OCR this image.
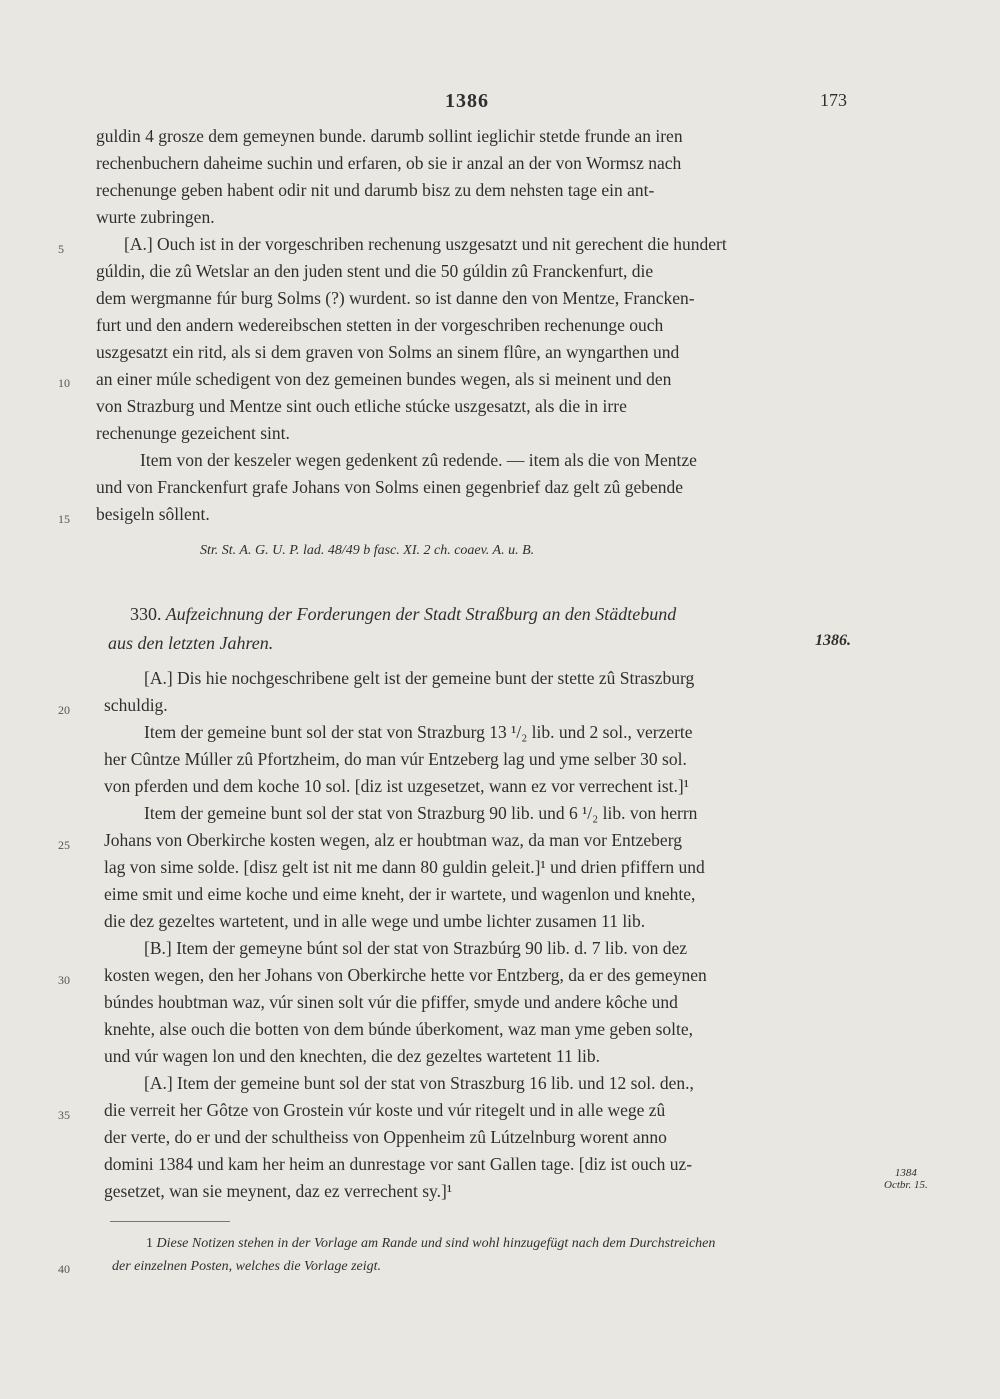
1386	173
guldin 4 grosze dem gemeynen bunde. darumb sollint ieglichir stetde frunde an iren
rechenbuchern daheime suchin und erfaren, ob sie ir anzal an der von Wormsz nach
rechenunge geben habent odir nit und darumb bisz zu dem nehsten tage ein ant-
wurte zubringen.
5	[A.] Ouch ist in der vorgeschriben rechenung uszgesatzt und nit gerechent die hundert
gúldin, die zû Wetslar an den juden stent und die 50 gúldin zû Franckenfurt, die
dem wergmanne fúr burg Solms (?) wurdent. so ist danne den von Mentze, Francken-
furt und den andern wedereibschen stetten in der vorgeschriben rechenunge ouch
uszgesatzt ein ritd, als si dem graven von Solms an sinem flûre, an wyngarthen und
10 an einer múle schedigent von dez gemeinen bundes wegen, als si meinent und den
von Strazburg und Mentze sint ouch etliche stúcke uszgesatzt, als die in irre
rechenunge gezeichent sint.
Item von der keszeler wegen gedenkent zû redende. — item als die von Mentze
und von Franckenfurt grafe Johans von Solms einen gegenbrief daz gelt zû gebende
15 besigeln sôllent.
Str. St. A. G. U. P. lad. 48/49 b fasc. XI. 2 ch. coaev. A. u. B.
330. Aufzeichnung der Forderungen der Stadt Straßburg an den Städtebund
aus den letzten Jahren.	1386.
[A.] Dis hie nochgeschribene gelt ist der gemeine bunt der stette zû Straszburg
20 schuldig.
Item der gemeine bunt sol der stat von Strazburg 13 ¹/₂ lib. und 2 sol., verzerte
her Cûntze Múller zû Pfortzheim, do man vúr Entzeberg lag und yme selber 30 sol.
von pferden und dem koche 10 sol. [diz ist uzgesetzet, wann ez vor verrechent ist.]¹
Item der gemeine bunt sol der stat von Strazburg 90 lib. und 6 ¹/₂ lib. von herrn
25 Johans von Oberkirche kosten wegen, alz er houbtman waz, da man vor Entzeberg
lag von sime solde. [disz gelt ist nit me dann 80 guldin geleit.]¹ und drien pfiffern und
eime smit und eime koche und eime kneht, der ir wartete, und wagenlon und knehte,
die dez gezeltes wartetent, und in alle wege und umbe lichter zusamen 11 lib.
[B.] Item der gemeyne búnt sol der stat von Strazbúrg 90 lib. d. 7 lib. von dez
30 kosten wegen, den her Johans von Oberkirche hette vor Entzberg, da er des gemeynen
búndes houbtman waz, vúr sinen solt vúr die pfiffer, smyde und andere kôche und
knehte, alse ouch die botten von dem búnde úberkoment, waz man yme geben solte,
und vúr wagen lon und den knechten, die dez gezeltes wartetent 11 lib.
[A.] Item der gemeine bunt sol der stat von Straszburg 16 lib. und 12 sol. den.,
35 die verreit her Gôtze von Grostein vúr koste und vúr ritegelt und in alle wege zû
der verte, do er und der schultheiss von Oppenheim zû Lútzelnburg worent anno
domini 1384 und kam her heim an dunrestage vor sant Gallen tage. [diz ist ouch uz-
gesetzet, wan sie meynent, daz ez verrechent sy.]¹
1384
Octbr. 15.
1 Diese Notizen stehen in der Vorlage am Rande und sind wohl hinzugefügt nach dem Durchstreichen
40	der einzelnen Posten, welches die Vorlage zeigt.
